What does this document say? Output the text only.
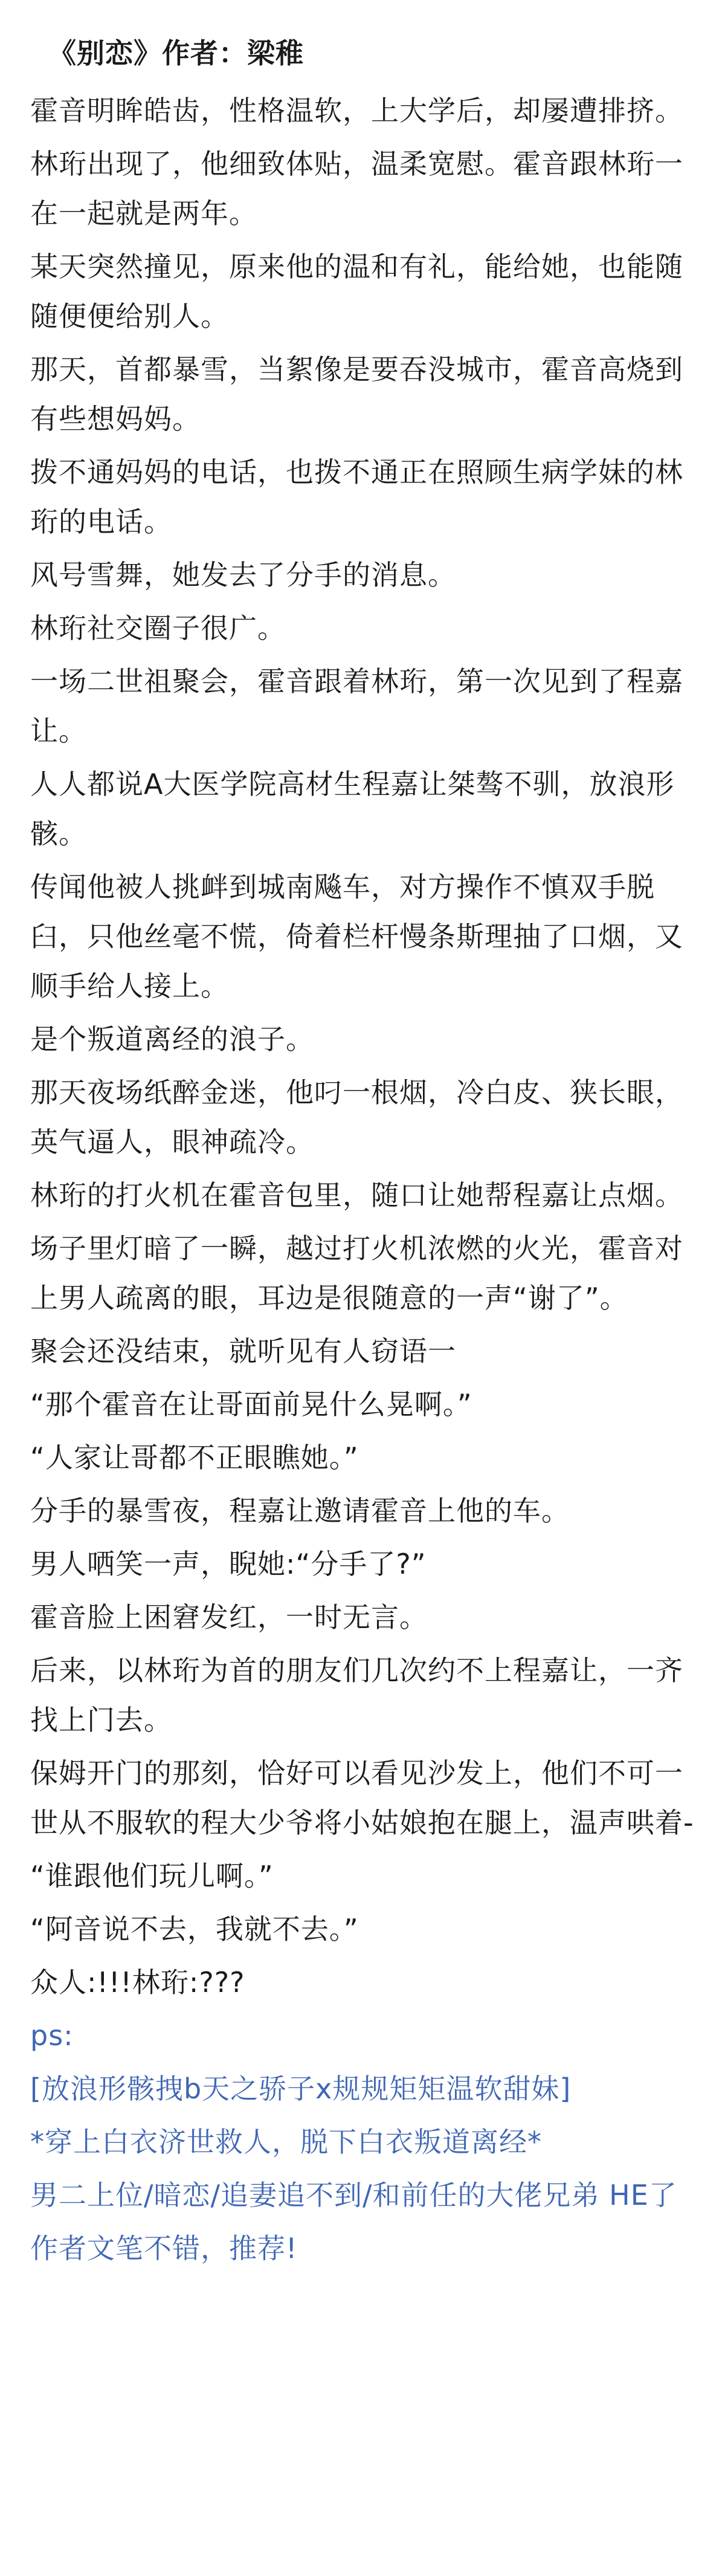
《别恋》作者：梁稚
霍音明眸皓齿，性格温软，上大学后，却屡遭排挤。
林珩出现了，他细致体贴，温柔宽慰。霍音跟林珩一在一起就是两年。
某天突然撞见，原来他的温和有礼，能给她，也能随随便便给别人。
那天，首都暴雪，当絮像是要吞没城市，霍音高烧到有些想妈妈。
拨不通妈妈的电话，也拨不通正在照顾生病学妹的林珩的电话。
风号雪舞，她发去了分手的消息。
林珩社交圈子很广。
一场二世祖聚会，霍音跟着林珩，第一次见到了程嘉让。
人人都说A大医学院高材生程嘉让桀骜不驯，放浪形骸。
传闻他被人挑衅到城南飚车，对方操作不慎双手脱臼，只他丝毫不慌，倚着栏杆慢条斯理抽了口烟，又顺手给人接上。
是个叛道离经的浪子。
那天夜场纸醉金迷，他叼一根烟，冷白皮、狭长眼，英气逼人，眼神疏冷。
林珩的打火机在霍音包里，随口让她帮程嘉让点烟。
场子里灯暗了一瞬，越过打火机浓燃的火光，霍音对上男人疏离的眼，耳边是很随意的一声“谢了”。
聚会还没结束，就听见有人窃语一
“那个霍音在让哥面前晃什么晃啊。”
“人家让哥都不正眼瞧她。”
分手的暴雪夜，程嘉让邀请霍音上他的车。
男人哂笑一声，睨她:“分手了?”
霍音脸上困窘发红，一时无言。
后来，以林珩为首的朋友们几次约不上程嘉让，一齐找上门去。
保姆开门的那刻，恰好可以看见沙发上，他们不可一世从不服软的程大少爷将小姑娘抱在腿上，温声哄着-
“谁跟他们玩儿啊。”
“阿音说不去，我就不去。”
众人:!!!林珩:???
ps:
[放浪形骸拽b天之骄子x规规矩矩温软甜妹]
*穿上白衣济世救人，脱下白衣叛道离经*
男二上位/暗恋/追妻追不到/和前任的大佬兄弟 HE了
作者文笔不错，推荐!
